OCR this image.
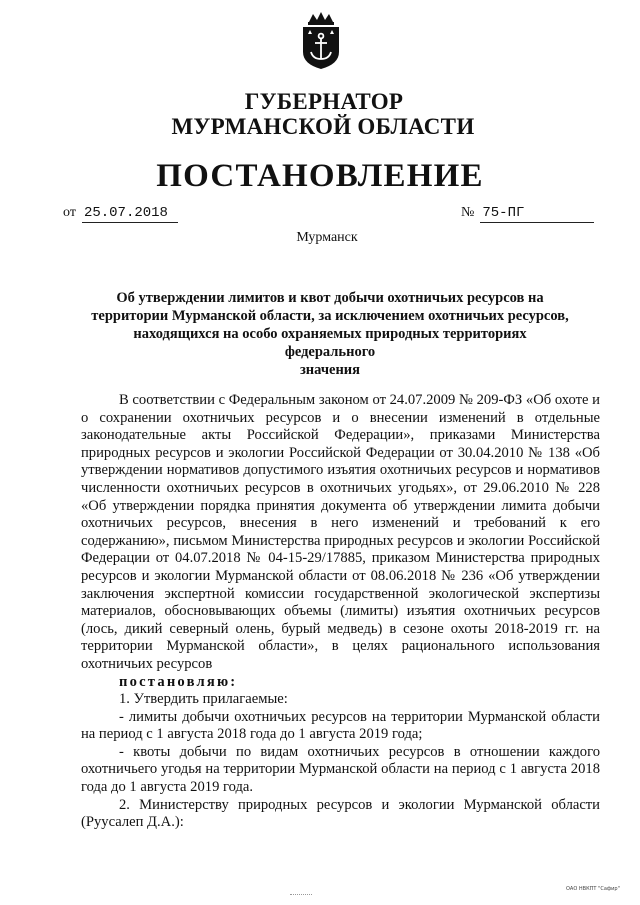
ГУБЕРНАТОР
МУРМАНСКОЙ ОБЛАСТИ
ПОСТАНОВЛЕНИЕ
от 25.07.2018	№ 75-ПГ
Мурманск
Об утверждении лимитов и квот добычи охотничьих ресурсов на
территории Мурманской области, за исключением охотничьих ресурсов,
находящихся на особо охраняемых природных территориях федерального
значения

В соответствии с Федеральным законом от 24.07.2009 № 209-ФЗ «Об охоте и о сохранении охотничьих ресурсов и о внесении изменений в отдельные законодательные акты Российской Федерации», приказами Министерства природных ресурсов и экологии Российской Федерации от 30.04.2010 № 138 «Об утверждении нормативов допустимого изъятия охотничьих ресурсов и нормативов численности охотничьих ресурсов в охотничьих угодьях», от 29.06.2010 № 228 «Об утверждении порядка принятия документа об утверждении лимита добычи охотничьих ресурсов, внесения в него изменений и требований к его содержанию», письмом Министерства природных ресурсов и экологии Российской Федерации от 04.07.2018 № 04-15-29/17885, приказом Министерства природных ресурсов и экологии Мурманской области от 08.06.2018 № 236 «Об утверждении заключения экспертной комиссии государственной экологической экспертизы материалов, обосновывающих объемы (лимиты) изъятия охотничьих ресурсов (лось, дикий северный олень, бурый медведь) в сезоне охоты 2018-2019 гг. на территории Мурманской области», в целях рационального использования охотничьих ресурсов

постановляю:

1. Утвердить прилагаемые:

- лимиты добычи охотничьих ресурсов на территории Мурманской области на период с 1 августа 2018 года до 1 августа 2019 года;

- квоты добычи по видам охотничьих ресурсов в отношении каждого охотничьего угодья на территории Мурманской области на период с 1 августа 2018 года до 1 августа 2019 года.

2. Министерству природных ресурсов и экологии Мурманской области (Руусалеп Д.А.):

ОАО НВКПТ "Сафир"
